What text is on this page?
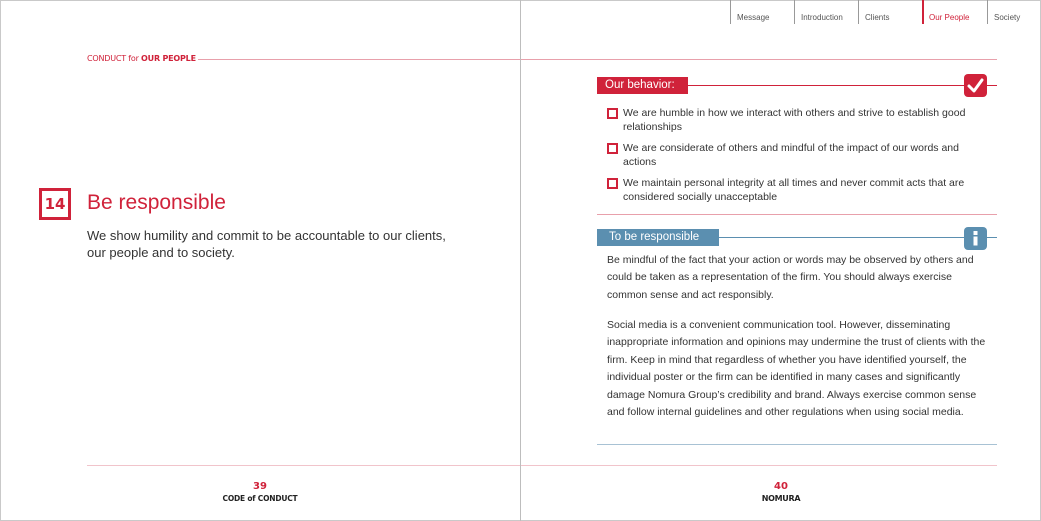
Message	Introduction	Clients	Our People	Society
CONDUCT for OUR PEOPLE
14 Be responsible
We show humility and commit to be accountable to our clients, our people and to society.
39
CODE of CONDUCT
Our behavior:
We are humble in how we interact with others and strive to establish good relationships
We are considerate of others and mindful of the impact of our words and actions
We maintain personal integrity at all times and never commit acts that are considered socially unacceptable
To be responsible
Be mindful of the fact that your action or words may be observed by others and could be taken as a representation of the firm. You should always exercise common sense and act responsibly.
Social media is a convenient communication tool. However, disseminating inappropriate information and opinions may undermine the trust of clients with the firm. Keep in mind that regardless of whether you have identified yourself, the individual poster or the firm can be identified in many cases and significantly damage Nomura Group’s credibility and brand. Always exercise common sense and follow internal guidelines and other regulations when using social media.
40
NOMURA
